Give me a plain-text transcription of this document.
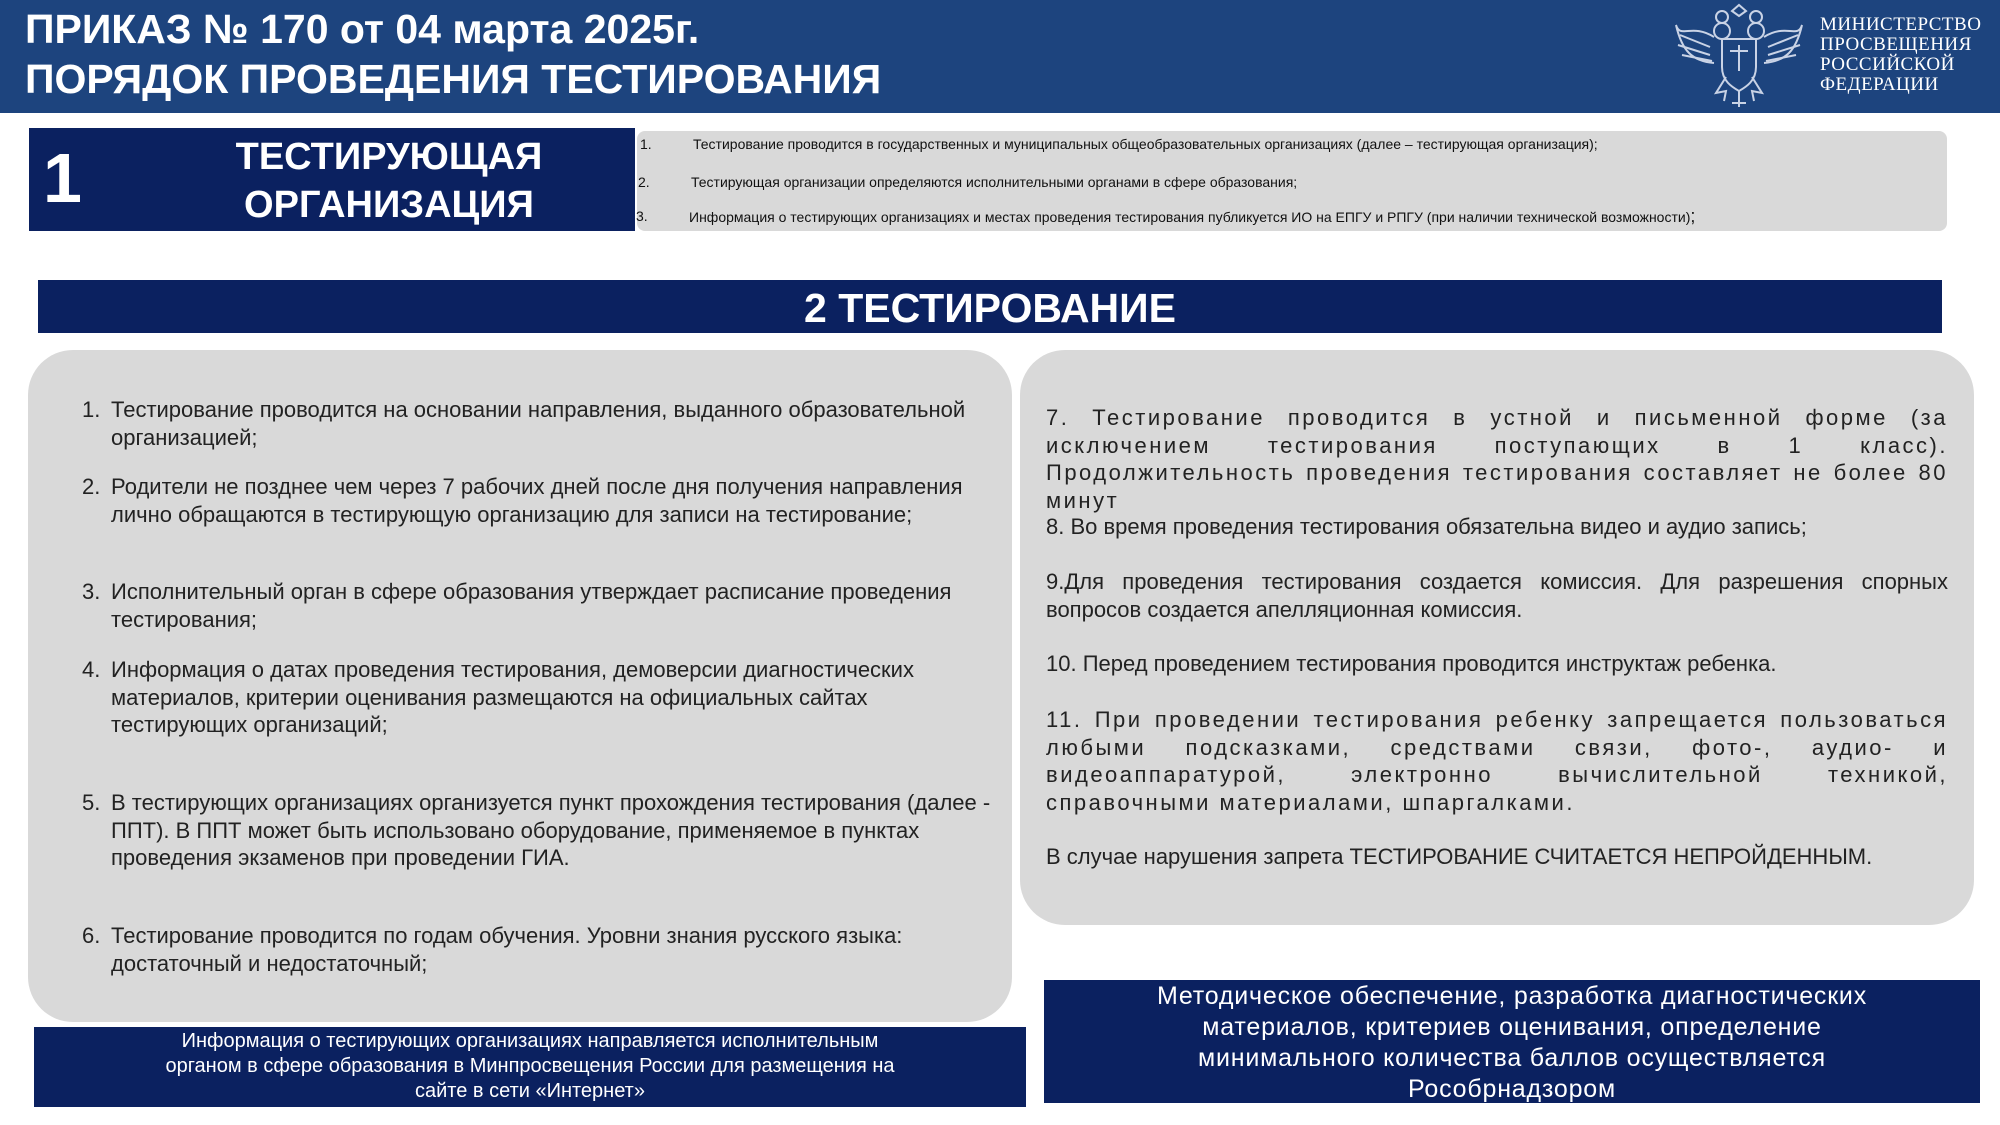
ПРИКАЗ № 170 от 04 марта 2025г.
ПОРЯДОК ПРОВЕДЕНИЯ ТЕСТИРОВАНИЯ
МИНИСТЕРСТВО
ПРОСВЕЩЕНИЯ
РОССИЙСКОЙ
ФЕДЕРАЦИИ
1	ТЕСТИРУЮЩАЯ
ОРГАНИЗАЦИЯ
1.	Тестирование проводится в государственных и муниципальных общеобразовательных организациях (далее – тестирующая организация);
2.	Тестирующая организации определяются исполнительными органами в сфере образования;
3.	Информация о тестирующих организациях и местах проведения тестирования публикуется ИО на ЕПГУ и РПГУ (при наличии технической возможности);
2 ТЕСТИРОВАНИЕ
1. Тестирование проводится на основании направления, выданного образовательной организацией;
2. Родители не позднее чем через 7 рабочих дней после дня получения направления лично обращаются в тестирующую организацию для записи на тестирование;
3. Исполнительный орган в сфере образования утверждает расписание проведения тестирования;
4. Информация о датах проведения тестирования, демоверсии диагностических материалов, критерии оценивания размещаются на официальных сайтах тестирующих организаций;
5. В тестирующих организациях организуется пункт прохождения тестирования (далее - ППТ). В ППТ может быть использовано оборудование, применяемое в пунктах проведения экзаменов при проведении ГИА.
6. Тестирование проводится по годам обучения. Уровни знания русского языка: достаточный и недостаточный;

7. Тестирование проводится в устной и письменной форме (за исключением тестирования поступающих в 1 класс). Продолжительность проведения тестирования составляет не более 80 минут

8. Во время проведения тестирования обязательна видео и аудио запись;

9.Для проведения тестирования создается комиссия. Для разрешения спорных вопросов создается апелляционная комиссия.

10. Перед проведением тестирования проводится инструктаж ребенка.

11. При проведении тестирования ребенку запрещается пользоваться любыми подсказками, средствами связи, фото-, аудио- и видеоаппаратурой, электронно вычислительной техникой, справочными материалами, шпаргалками.

В случае нарушения запрета ТЕСТИРОВАНИЕ СЧИТАЕТСЯ НЕПРОЙДЕННЫМ.

Информация о тестирующих организациях направляется исполнительным органом в сфере образования в Минпросвещения России для размещения на сайте в сети «Интернет»
Методическое обеспечение, разработка диагностических материалов, критериев оценивания, определение минимального количества баллов осуществляется Рособрнадзором
